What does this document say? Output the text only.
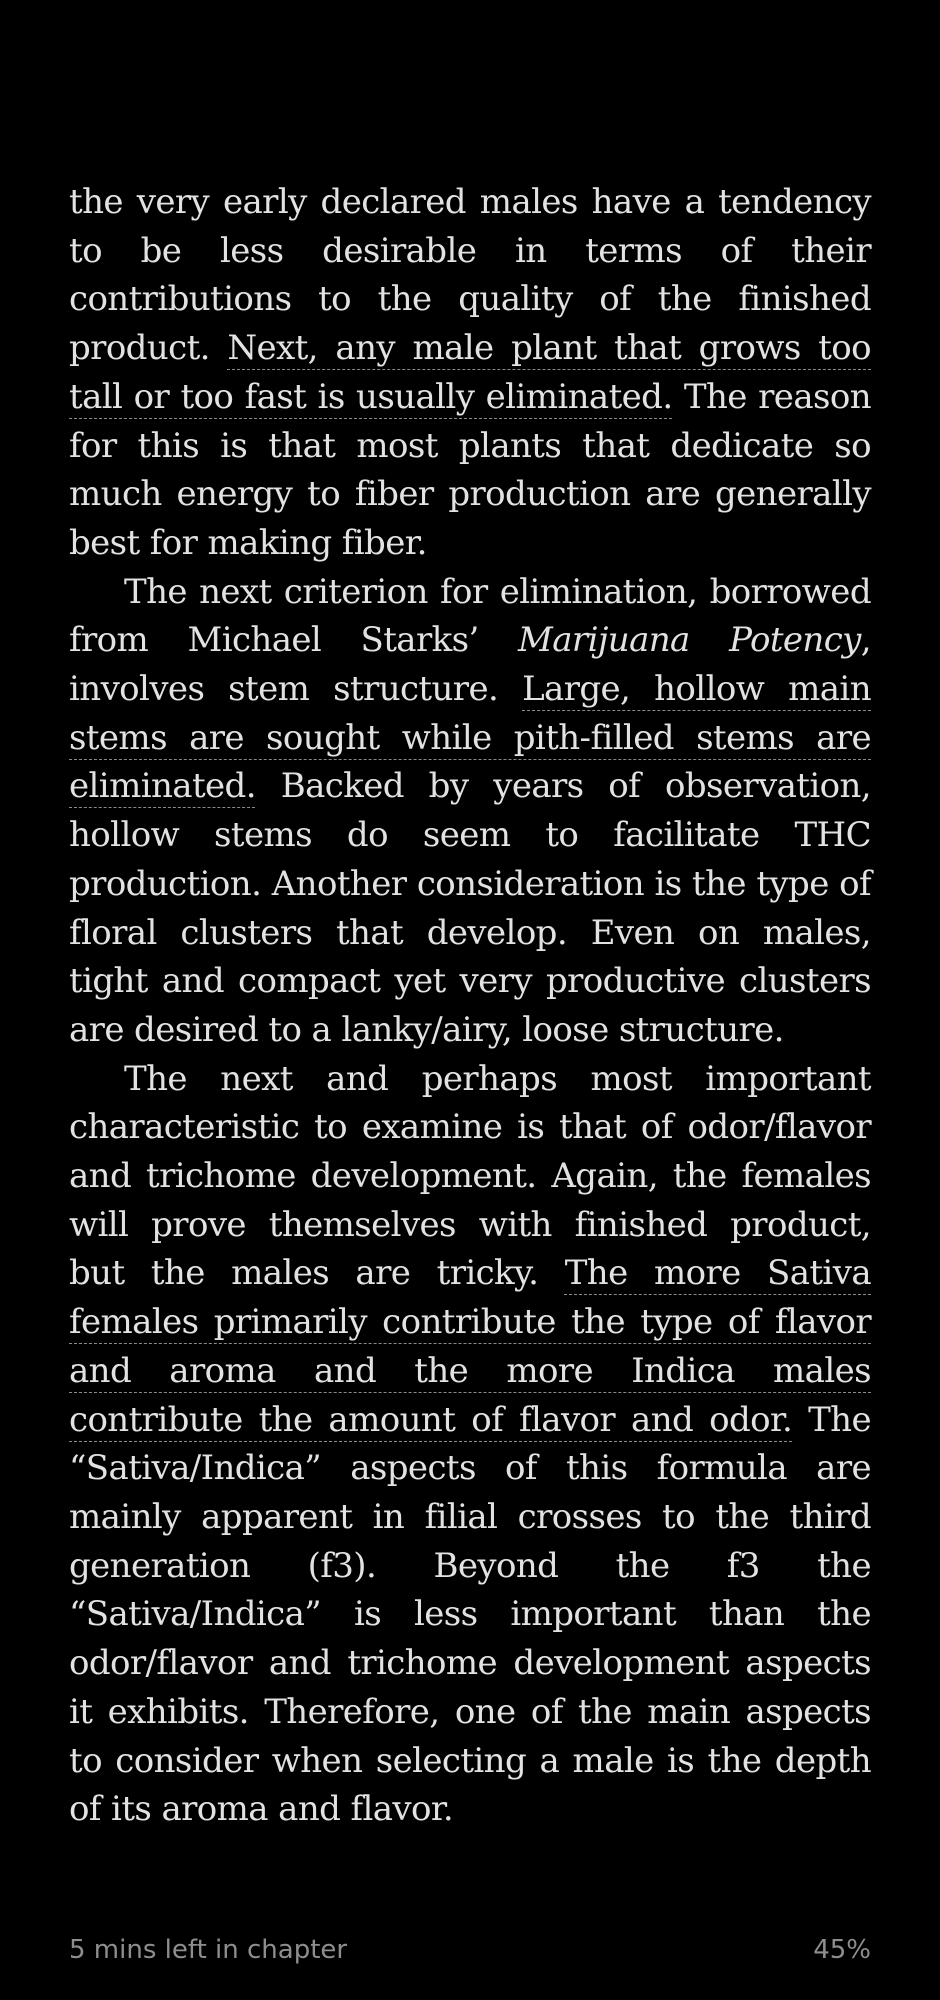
the very early declared males have a tendency to be less desirable in terms of their contributions to the quality of the finished product. Next, any male plant that grows too tall or too fast is usually eliminated. The reason for this is that most plants that dedicate so much energy to fiber production are generally best for making fiber.

The next criterion for elimination, borrowed from Michael Starks’ Marijuana Potency, involves stem structure. Large, hollow main stems are sought while pith-filled stems are eliminated. Backed by years of observation, hollow stems do seem to facilitate THC production. Another consideration is the type of floral clusters that develop. Even on males, tight and compact yet very productive clusters are desired to a lanky/airy, loose structure.

The next and perhaps most important characteristic to examine is that of odor/flavor and trichome development. Again, the females will prove themselves with finished product, but the males are tricky. The more Sativa females primarily contribute the type of flavor and aroma and the more Indica males contribute the amount of flavor and odor. The “Sativa/Indica” aspects of this formula are mainly apparent in filial crosses to the third generation (f3). Beyond the f3 the “Sativa/Indica” is less important than the odor/flavor and trichome development aspects it exhibits. Therefore, one of the main aspects to consider when selecting a male is the depth of its aroma and flavor.

5 mins left in chapter	45%
